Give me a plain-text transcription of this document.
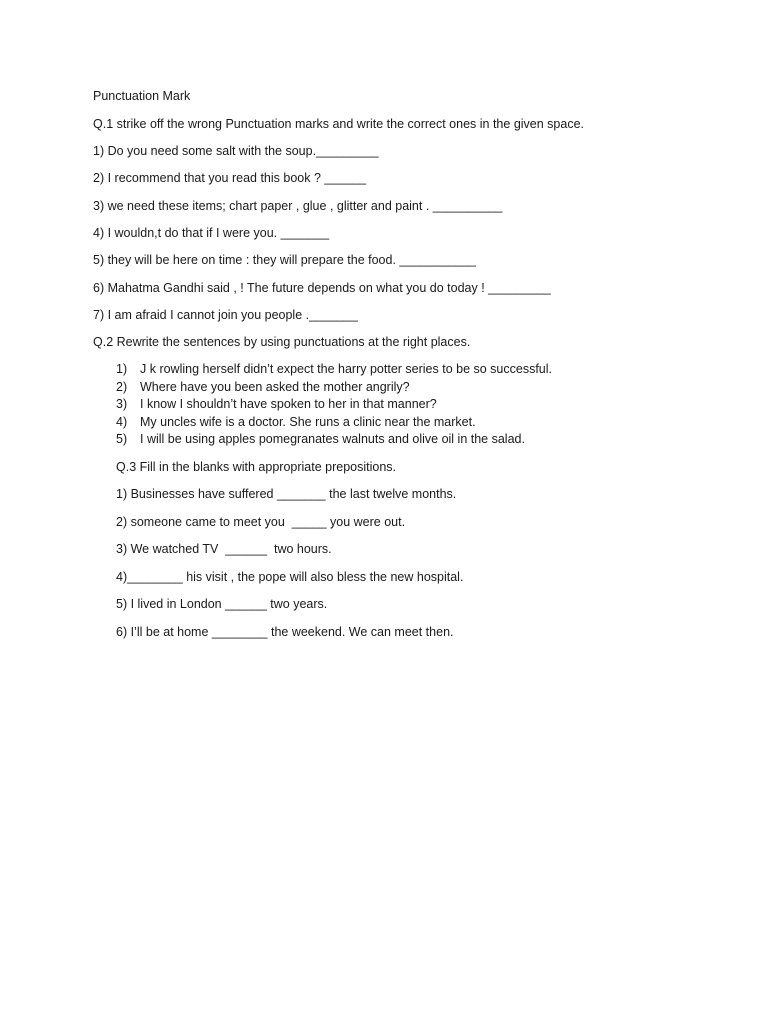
Punctuation Mark
Q.1 strike off the wrong Punctuation marks and write the correct ones in the given space.
1) Do you need some salt with the soup._________
2) I recommend that you read this book ? ______
3) we need these items; chart paper , glue , glitter and paint . __________
4) I wouldn,t do that if I were you. _______
5) they will be here on time : they will prepare the food. ___________
6) Mahatma Gandhi said , ! The future depends on what you do today ! _________
7) I am afraid I cannot join you people ._______
Q.2 Rewrite the sentences by using punctuations at the right places.
1) J k rowling herself didn’t expect the harry potter series to be so successful.
2) Where have you been asked the mother angrily?
3) I know I shouldn’t have spoken to her in that manner?
4) My uncles wife is a doctor. She runs a clinic near the market.
5) I will be using apples pomegranates walnuts and olive oil in the salad.
Q.3 Fill in the blanks with appropriate prepositions.
1) Businesses have suffered _______ the last twelve months.
2) someone came to meet you  _____ you were out.
3) We watched TV  ______  two hours.
4)________ his visit , the pope will also bless the new hospital.
5) I lived in London ______ two years.
6) I’ll be at home ________ the weekend. We can meet then.
